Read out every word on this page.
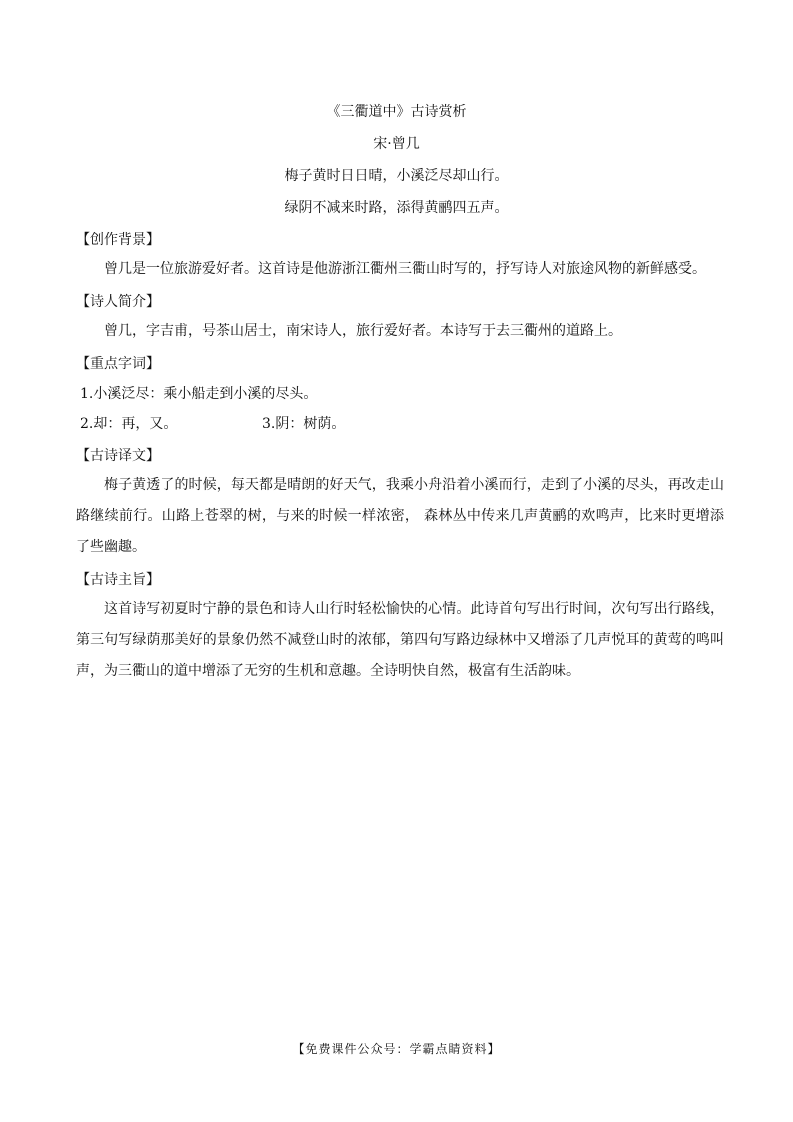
《三衢道中》古诗赏析
宋·曾几
梅子黄时日日晴，小溪泛尽却山行。
绿阴不减来时路，添得黄鹂四五声。
【创作背景】
曾几是一位旅游爱好者。这首诗是他游浙江衢州三衢山时写的，抒写诗人对旅途风物的新鲜感受。
【诗人简介】
曾几，字吉甫，号茶山居士，南宋诗人，旅行爱好者。本诗写于去三衢州的道路上。
【重点字词】
1.小溪泛尽：乘小船走到小溪的尽头。
2.却：再，又。	3.阴：树荫。
【古诗译文】
梅子黄透了的时候，每天都是晴朗的好天气，我乘小舟沿着小溪而行，走到了小溪的尽头，再改走山路继续前行。山路上苍翠的树，与来的时候一样浓密， 森林丛中传来几声黄鹂的欢鸣声，比来时更增添了些幽趣。
【古诗主旨】
这首诗写初夏时宁静的景色和诗人山行时轻松愉快的心情。此诗首句写出行时间，次句写出行路线，第三句写绿荫那美好的景象仍然不减登山时的浓郁，第四句写路边绿林中又增添了几声悦耳的黄莺的鸣叫声，为三衢山的道中增添了无穷的生机和意趣。全诗明快自然，极富有生活韵味。
【免费课件公众号：学霸点睛资料】
